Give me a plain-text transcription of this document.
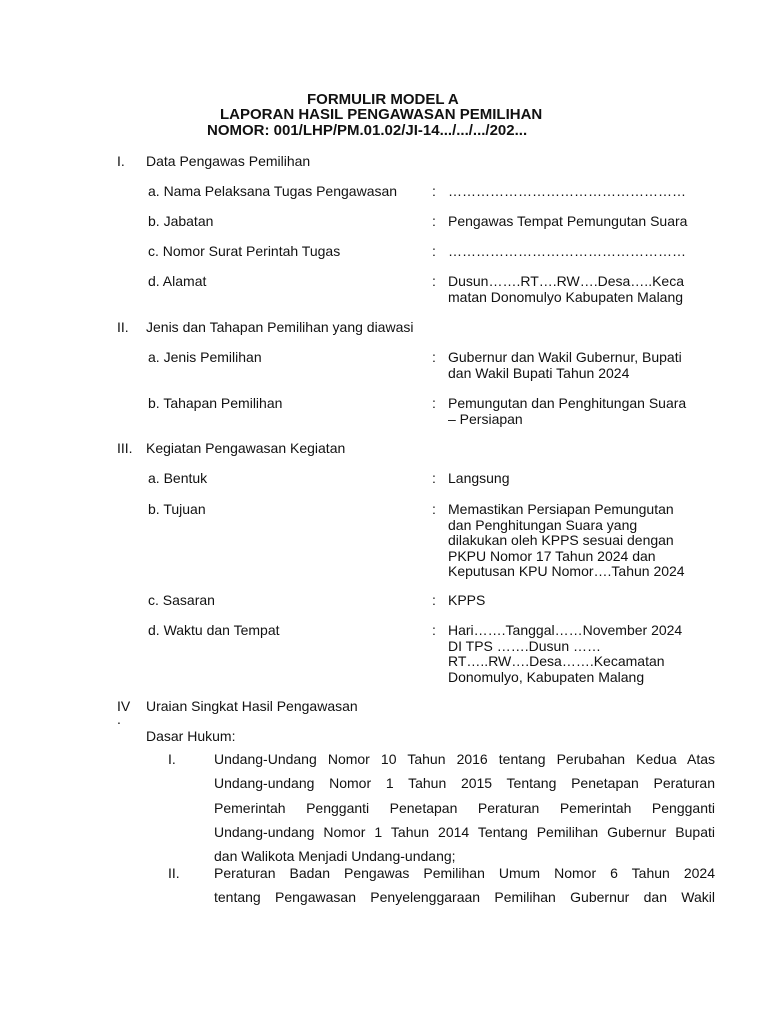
FORMULIR MODEL A
LAPORAN HASIL PENGAWASAN PEMILIHAN
NOMOR: 001/LHP/PM.01.02/JI-14.../.../.../202...
I. Data Pengawas Pemilihan
a. Nama Pelaksana Tugas Pengawasan : ……………………………………………
b. Jabatan	: Pengawas Tempat Pemungutan Suara
c. Nomor Surat Perintah Tugas	: ……………………………………………
d. Alamat	: Dusun…….RT….RW….Desa…..Keca
matan Donomulyo Kabupaten Malang
II. Jenis dan Tahapan Pemilihan yang diawasi
a. Jenis Pemilihan	: Gubernur dan Wakil Gubernur, Bupati
dan Wakil Bupati Tahun 2024
b. Tahapan Pemilihan	: Pemungutan dan Penghitungan Suara
– Persiapan
III. Kegiatan Pengawasan Kegiatan
a. Bentuk	: Langsung
b. Tujuan	: Memastikan Persiapan Pemungutan
dan Penghitungan Suara yang
dilakukan oleh KPPS sesuai dengan
PKPU Nomor 17 Tahun 2024 dan
Keputusan KPU Nomor….Tahun 2024
c. Sasaran	: KPPS
d. Waktu dan Tempat	: Hari…….Tanggal……November 2024
DI TPS …….Dusun ……
RT…..RW….Desa…….Kecamatan
Donomulyo, Kabupaten Malang
IV
.
Uraian Singkat Hasil Pengawasan
Dasar Hukum:
I.	Undang-Undang Nomor 10 Tahun 2016 tentang Perubahan Kedua Atas
Undang-undang Nomor 1 Tahun 2015 Tentang Penetapan Peraturan
Pemerintah Pengganti Penetapan Peraturan Pemerintah Pengganti
Undang-undang Nomor 1 Tahun 2014 Tentang Pemilihan Gubernur Bupati
dan Walikota Menjadi Undang-undang;
II. Peraturan Badan Pengawas Pemilihan Umum Nomor 6 Tahun 2024
tentang Pengawasan Penyelenggaraan Pemilihan Gubernur dan Wakil
